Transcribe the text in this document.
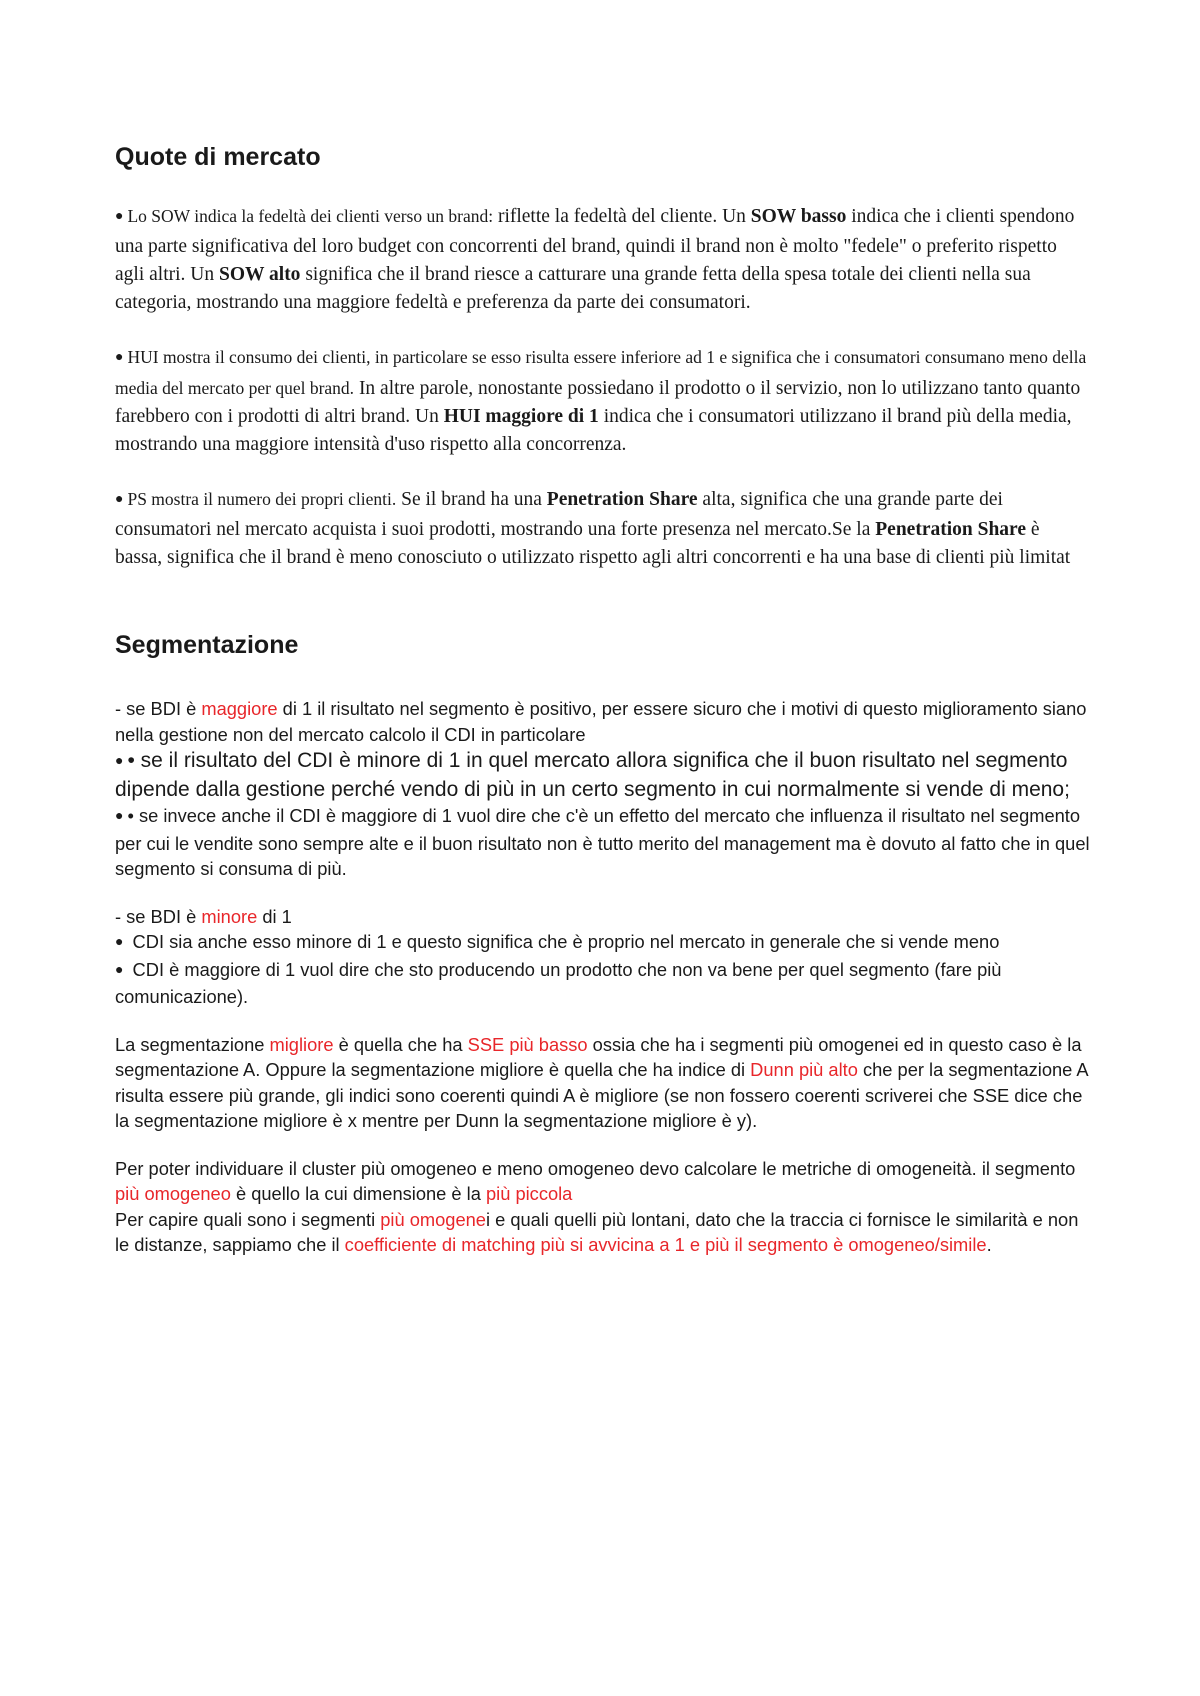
Quote di mercato

● Lo SOW indica la fedeltà dei clienti verso un brand: riflette la fedeltà del cliente. Un SOW basso indica che i clienti spendono una parte significativa del loro budget con concorrenti del brand, quindi il brand non è molto "fedele" o preferito rispetto agli altri. Un SOW alto significa che il brand riesce a catturare una grande fetta della spesa totale dei clienti nella sua categoria, mostrando una maggiore fedeltà e preferenza da parte dei consumatori.

● HUI mostra il consumo dei clienti, in particolare se esso risulta essere inferiore ad 1 e significa che i consumatori consumano meno della media del mercato per quel brand. In altre parole, nonostante possiedano il prodotto o il servizio, non lo utilizzano tanto quanto farebbero con i prodotti di altri brand. Un HUI maggiore di 1 indica che i consumatori utilizzano il brand più della media, mostrando una maggiore intensità d'uso rispetto alla concorrenza.

● PS mostra il numero dei propri clienti. Se il brand ha una Penetration Share alta, significa che una grande parte dei consumatori nel mercato acquista i suoi prodotti, mostrando una forte presenza nel mercato.Se la Penetration Share è bassa, significa che il brand è meno conosciuto o utilizzato rispetto agli altri concorrenti e ha una base di clienti più limitat

Segmentazione

- se BDI è maggiore di 1 il risultato nel segmento è positivo, per essere sicuro che i motivi di questo miglioramento siano nella gestione non del mercato calcolo il CDI in particolare

● • se il risultato del CDI è minore di 1 in quel mercato allora significa che il buon risultato nel segmento dipende dalla gestione perché vendo di più in un certo segmento in cui normalmente si vende di meno;

● • se invece anche il CDI è maggiore di 1 vuol dire che c'è un effetto del mercato che influenza il risultato nel segmento per cui le vendite sono sempre alte e il buon risultato non è tutto merito del management ma è dovuto al fatto che in quel segmento si consuma di più.

- se BDI è minore di 1

● CDI sia anche esso minore di 1 e questo significa che è proprio nel mercato in generale che si vende meno

● CDI è maggiore di 1 vuol dire che sto producendo un prodotto che non va bene per quel segmento (fare più comunicazione).

La segmentazione migliore è quella che ha SSE più basso ossia che ha i segmenti più omogenei ed in questo caso è la segmentazione A. Oppure la segmentazione migliore è quella che ha indice di Dunn più alto che per la segmentazione A risulta essere più grande, gli indici sono coerenti quindi A è migliore (se non fossero coerenti scriverei che SSE dice che la segmentazione migliore è x mentre per Dunn la segmentazione migliore è y).

Per poter individuare il cluster più omogeneo e meno omogeneo devo calcolare le metriche di omogeneità. il segmento più omogeneo è quello la cui dimensione è la più piccola

Per capire quali sono i segmenti più omogenei e quali quelli più lontani, dato che la traccia ci fornisce le similarità e non le distanze, sappiamo che il coefficiente di matching più si avvicina a 1 e più il segmento è omogeneo/simile.
